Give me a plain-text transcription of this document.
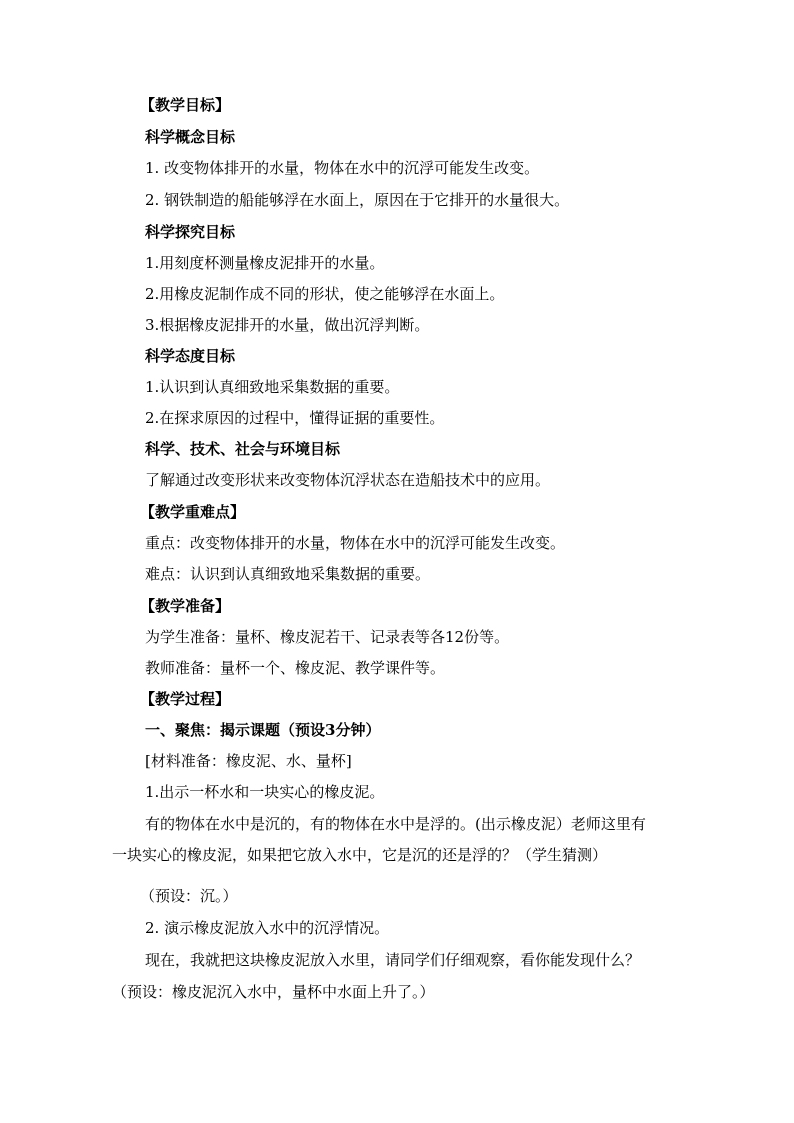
【教学目标】
科学概念目标
1. 改变物体排开的水量，物体在水中的沉浮可能发生改变。
2. 钢铁制造的船能够浮在水面上，原因在于它排开的水量很大。
科学探究目标
1.用刻度杯测量橡皮泥排开的水量。
2.用橡皮泥制作成不同的形状，使之能够浮在水面上。
3.根据橡皮泥排开的水量，做出沉浮判断。
科学态度目标
1.认识到认真细致地采集数据的重要。
2.在探求原因的过程中，懂得证据的重要性。
科学、技术、社会与环境目标
了解通过改变形状来改变物体沉浮状态在造船技术中的应用。
【教学重难点】
重点：改变物体排开的水量，物体在水中的沉浮可能发生改变。
难点：认识到认真细致地采集数据的重要。
【教学准备】
为学生准备：量杯、橡皮泥若干、记录表等各12份等。
教师准备：量杯一个、橡皮泥、教学课件等。
【教学过程】
一、聚焦：揭示课题（预设3分钟）
[材料准备：橡皮泥、水、量杯]
1.出示一杯水和一块实心的橡皮泥。
有的物体在水中是沉的，有的物体在水中是浮的。(出示橡皮泥）老师这里有
一块实心的橡皮泥，如果把它放入水中，它是沉的还是浮的？（学生猜测）
（预设：沉。）
2. 演示橡皮泥放入水中的沉浮情况。
现在，我就把这块橡皮泥放入水里，请同学们仔细观察，看你能发现什么？
（预设：橡皮泥沉入水中，量杯中水面上升了。）
